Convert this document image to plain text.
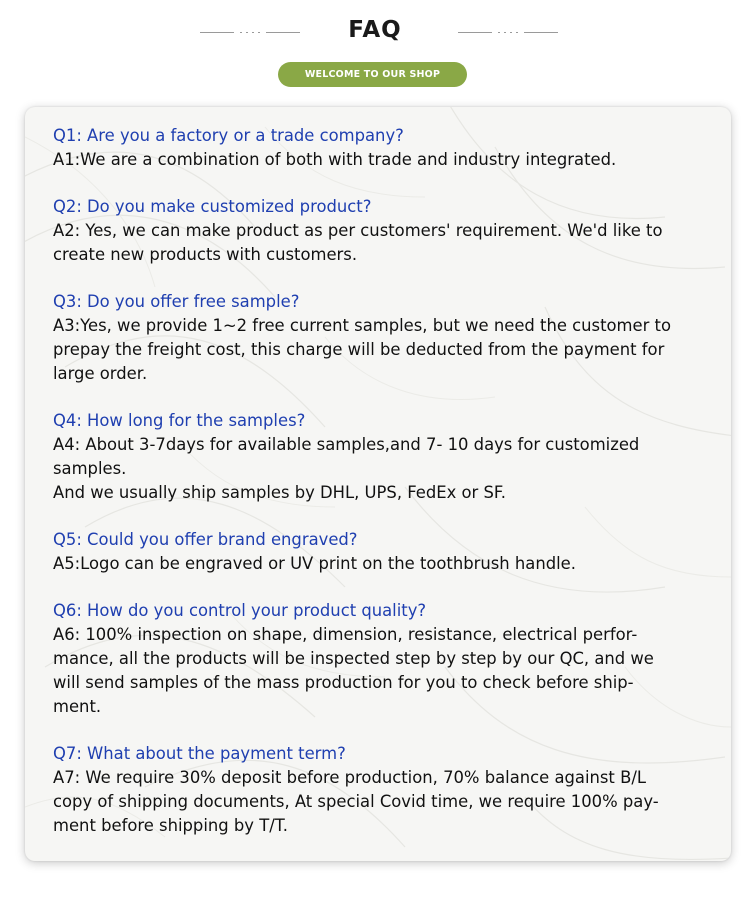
FAQ
WELCOME TO OUR SHOP
Q1: Are you a factory or a trade company?
A1:We are a combination of both with trade and industry integrated.
Q2: Do you make customized product?
A2: Yes, we can make product as per customers' requirement. We'd like to
create new products with customers.
Q3: Do you offer free sample?
A3:Yes, we provide 1~2 free current samples, but we need the customer to
prepay the freight cost, this charge will be deducted from the payment for
large order.
Q4: How long for the samples?
A4: About 3-7days for available samples,and 7- 10 days for customized
samples.
And we usually ship samples by DHL, UPS, FedEx or SF.
Q5: Could you offer brand engraved?
A5:Logo can be engraved or UV print on the toothbrush handle.
Q6: How do you control your product quality?
A6: 100% inspection on shape, dimension, resistance, electrical perfor-
mance, all the products will be inspected step by step by our QC, and we
will send samples of the mass production for you to check before ship-
ment.
Q7: What about the payment term?
A7: We require 30% deposit before production, 70% balance against B/L
copy of shipping documents, At special Covid time, we require 100% pay-
ment before shipping by T/T.
